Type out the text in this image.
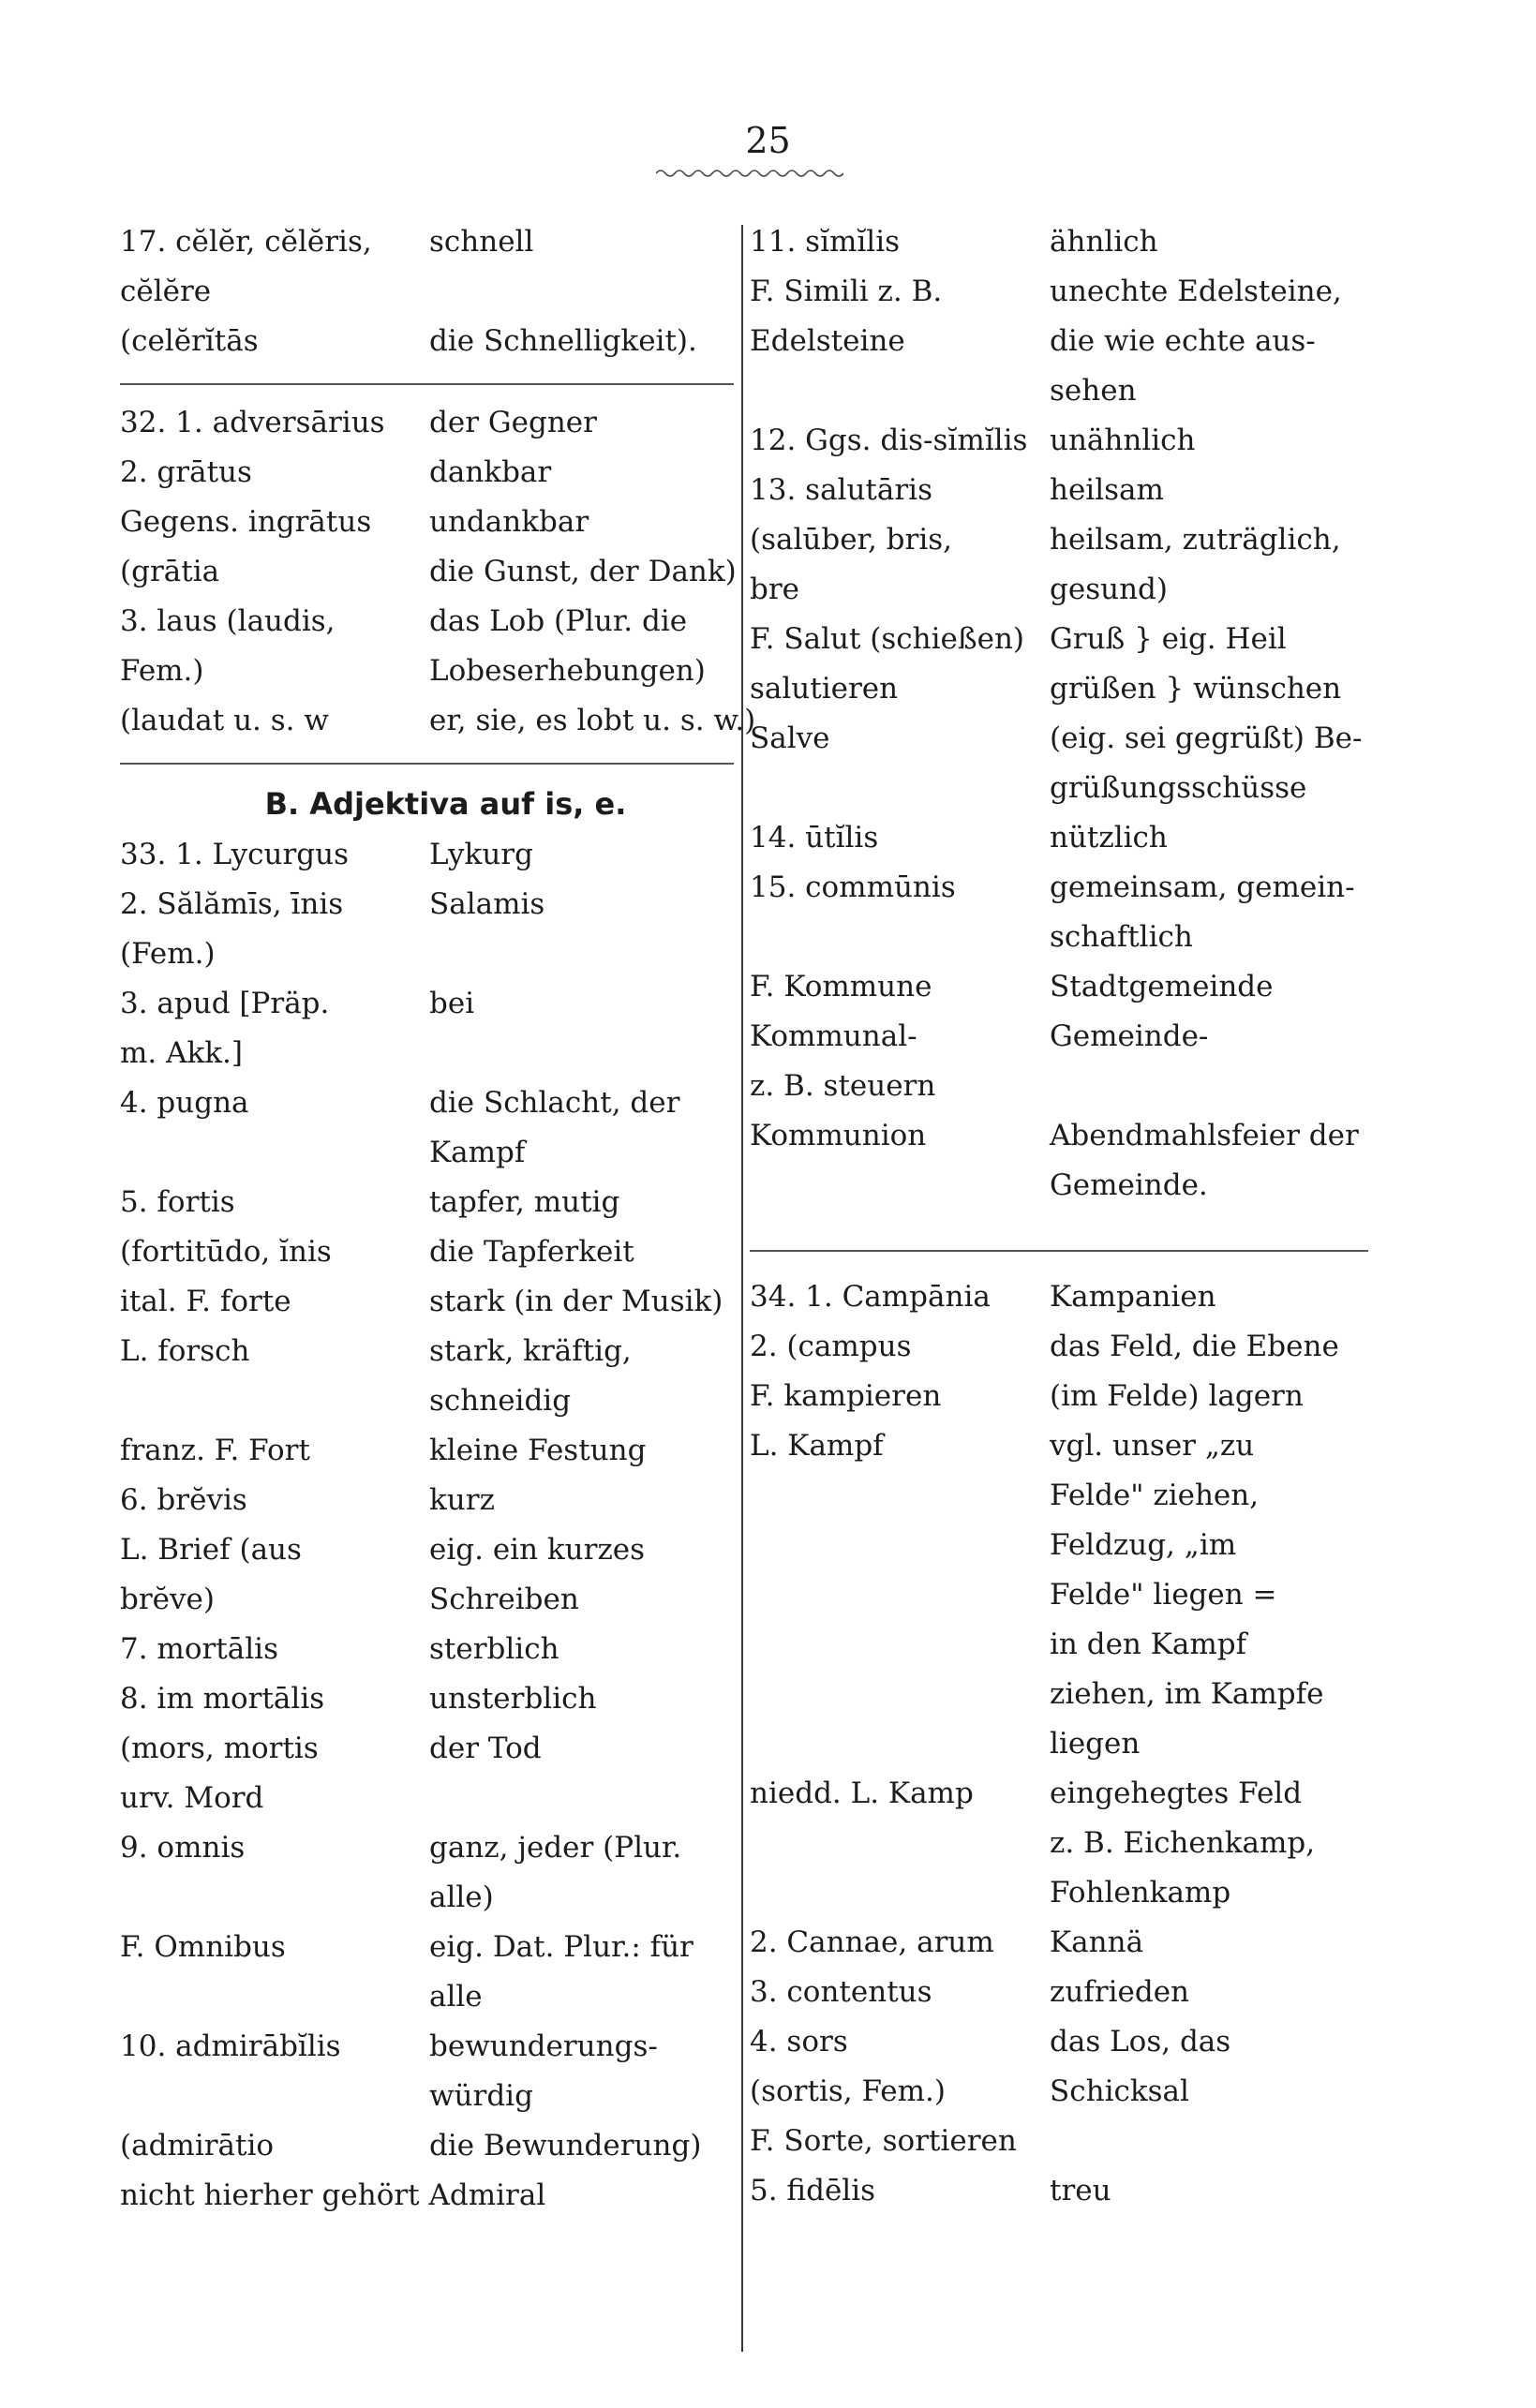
25
17. cĕlĕr, cĕlĕris,	schnell
cĕlĕre
(celĕrĭtās	die Schnelligkeit).
32. 1. adversārius	der Gegner
2. grātus	dankbar
Gegens. ingrātus	undankbar
(grātia	die Gunst, der Dank)
3. laus (laudis,	das Lob (Plur. die
Fem.)	Lobeserhebungen)
(laudat u. s. w	er, sie, es lobt u. s. w.)
B. Adjektiva auf is, e.
33. 1. Lycurgus	Lykurg
2. Sălămīs, īnis	Salamis
(Fem.)
3. apud [Präp.	bei
m. Akk.]
4. pugna	die Schlacht, der
Kampf
5. fortis	tapfer, mutig
(fortitūdo, ĭnis	die Tapferkeit
ital. F. forte	stark (in der Musik)
L. forsch	stark, kräftig,
schneidig
franz. F. Fort	kleine Festung
6. brĕvis	kurz
L. Brief (aus	eig. ein kurzes
brĕve)	Schreiben
7. mortālis	sterblich
8. im mortālis	unsterblich
(mors, mortis	der Tod
urv. Mord
9. omnis	ganz, jeder (Plur.
alle)
F. Omnibus	eig. Dat. Plur.: für
alle
10. admirābĭlis	bewunderungs-
würdig
(admirātio	die Bewunderung)
nicht hierher gehört Admiral
11. sĭmĭlis	ähnlich
F. Simili z. B.	unechte Edelsteine,
Edelsteine	die wie echte aus-
sehen
12. Ggs. dis-sĭmĭlis unähnlich
13. salutāris	heilsam
(salūber, bris,	heilsam, zuträglich,
bre	gesund)
F. Salut (schießen) Gruß } eig. Heil
salutieren	grüßen } wünschen
Salve	(eig. sei gegrüßt) Be-
grüßungsschüsse
14. ūtĭlis	nützlich
15. commūnis	gemeinsam, gemein-
schaftlich
F. Kommune	Stadtgemeinde
Kommunal-	Gemeinde-
z. B. steuern
Kommunion	Abendmahlsfeier der
Gemeinde.
34. 1. Campānia	Kampanien
2. (campus	das Feld, die Ebene
F. kampieren	(im Felde) lagern
L. Kampf	vgl. unser „zu
Felde" ziehen,
Feldzug, „im
Felde" liegen =
in den Kampf
ziehen, im Kampfe
liegen
niedd. L. Kamp	eingehegtes Feld
z. B. Eichenkamp,
Fohlenkamp
2. Cannae, arum	Kannä
3. contentus	zufrieden
4. sors	das Los, das
(sortis, Fem.)	Schicksal
F. Sorte, sortieren
5. fidēlis	treu
